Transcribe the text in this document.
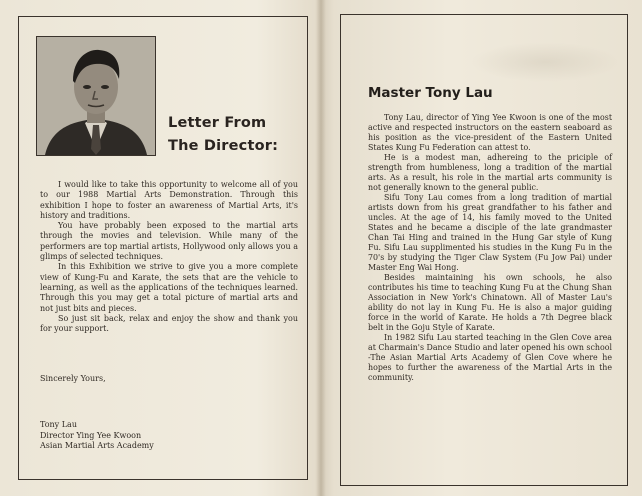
Letter From
The Director:

I would like to take this opportunity to welcome all of you to our 1988 Martial Arts Demonstration. Through this exhibition I hope to foster an awareness of Martial Arts, it's history and traditions.

You have probably been exposed to the martial arts through the movies and television. While many of the performers are top martial artists, Hollywood only allows you a glimps of selected techniques.

In this Exhibition we strive to give you a more complete view of Kung-Fu and Karate, the sets that are the vehicle to learning, as well as the applications of the techniques learned. Through this you may get a total picture of martial arts and not just bits and pieces.

So just sit back, relax and enjoy the show and thank you for your support.

Sincerely Yours,
Tony Lau
Director Ying Yee Kwoon
Asian Martial Arts Academy
Master Tony Lau

Tony Lau, director of Ying Yee Kwoon is one of the most active and respected instructors on the eastern seaboard as his position as the vice-president of the Eastern United States Kung Fu Federation can attest to.

He is a modest man, adhereing to the priciple of strength from humbleness, long a tradition of the martial arts. As a result, his role in the martial arts community is not generally known to the general public.

Sifu Tony Lau comes from a long tradition of martial artists down from his great grandfather to his father and uncles. At the age of 14, his family moved to the United States and he became a disciple of the late grandmaster Chan Tai Hing and trained in the Hung Gar style of Kung Fu. Sifu Lau supplimented his studies in the Kung Fu in the 70's by studying the Tiger Claw System (Fu Jow Pai) under Master Eng Wai Hong.

Besides maintaining his own schools, he also contributes his time to teaching Kung Fu at the Chung Shan Association in New York's Chinatown. All of Master Lau's ability do not lay in Kung Fu. He is also a major guiding force in the world of Karate. He holds a 7th Degree black belt in the Goju Style of Karate.

In 1982 Sifu Lau started teaching in the Glen Cove area at Charmain's Dance Studio and later opened his own school -The Asian Martial Arts Academy of Glen Cove where he hopes to further the awareness of the Martial Arts in the community.
